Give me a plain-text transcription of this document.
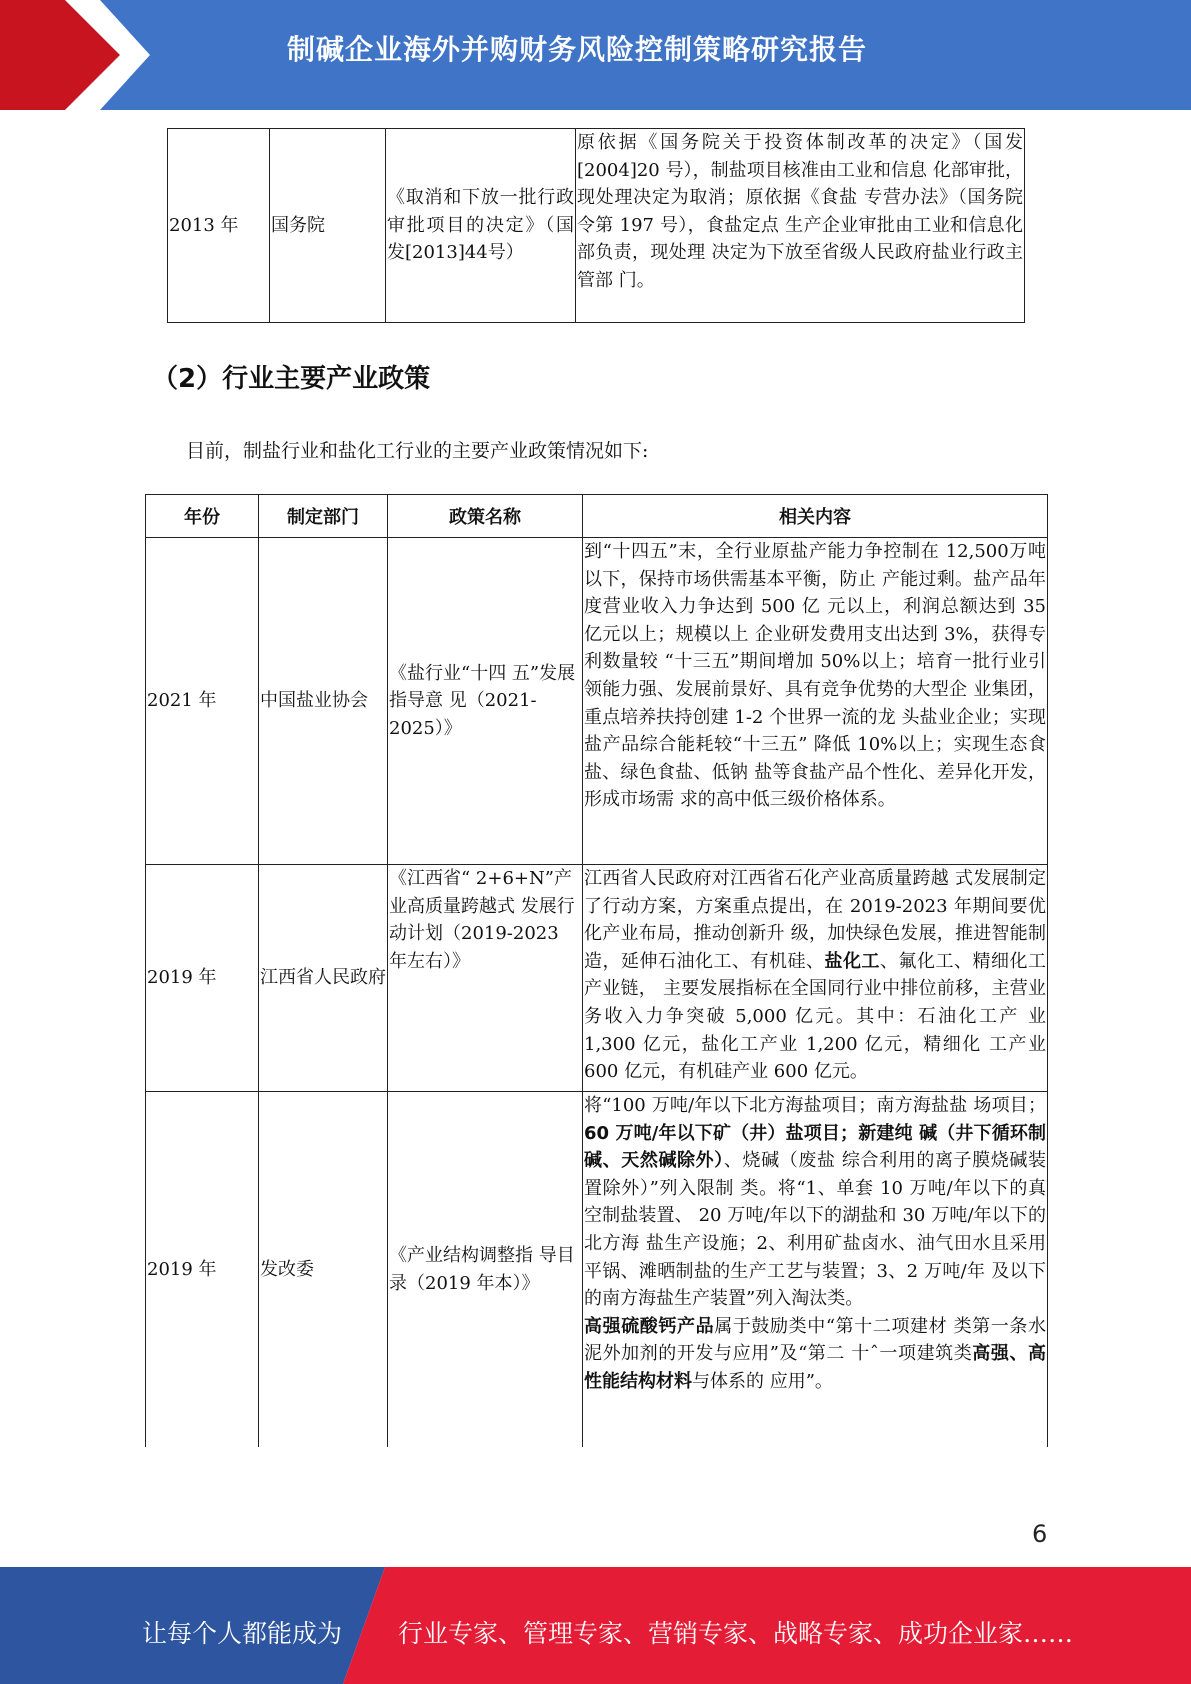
制碱企业海外并购财务风险控制策略研究报告
2013 年	国务院	《取消和下放一批行政审批项目的决定》（国发[2013]44号）	原依据《国务院关于投资体制改革的决定》（国发[2004]20 号），制盐项目核准由工业和信息 化部审批，现处理决定为取消；原依据《食盐 专营办法》（国务院令第 197 号），食盐定点 生产企业审批由工业和信息化部负责，现处理 决定为下放至省级人民政府盐业行政主管部 门。
（2）行业主要产业政策
目前，制盐行业和盐化工行业的主要产业政策情况如下:
年份	制定部门	政策名称	相关内容
2021 年	中国盐业协会	《盐行业“十四 五”发展指导意 见（2021-2025）》	到“十四五”末，全行业原盐产能力争控制在 12,500万吨以下，保持市场供需基本平衡，防止 产能过剩。盐产品年度营业收入力争达到 500 亿 元以上，利润总额达到 35 亿元以上；规模以上 企业研发费用支出达到 3%，获得专利数量较 “十三五”期间增加 50%以上；培育一批行业引 领能力强、发展前景好、具有竞争优势的大型企 业集团，重点培养扶持创建 1-2 个世界一流的龙 头盐业企业；实现盐产品综合能耗较“十三五” 降低 10%以上；实现生态食盐、绿色食盐、低钠 盐等食盐产品个性化、差异化开发，形成市场需 求的高中低三级价格体系。
2019 年	江西省人民政府	《江西省“ 2+6+N”产业高质量跨越式 发展行动计划（2019-2023 年左右）》	江西省人民政府对江西省石化产业高质量跨越 式发展制定了行动方案，方案重点提出，在 2019-2023 年期间要优化产业布局，推动创新升 级，加快绿色发展，推进智能制造，延伸石油化工、有机硅、盐化工、氟化工、精细化工产业链， 主要发展指标在全国同行业中排位前移，主营业 务收入力争突破 5,000 亿元。其中：石油化工产 业 1,300 亿元，盐化工产业 1,200 亿元，精细化 工产业 600 亿元，有机硅产业 600 亿元。
2019 年	发改委	《产业结构调整指 导目录（2019 年本）》	将“100 万吨/年以下北方海盐项目；南方海盐盐 场项目；60 万吨/年以下矿（井）盐项目；新建纯 碱（井下循环制碱、天然碱除外）、烧碱（废盐 综合利用的离子膜烧碱装置除外）”列入限制 类。将“1、单套 10 万吨/年以下的真空制盐装置、 20 万吨/年以下的湖盐和 30 万吨/年以下的北方海 盐生产设施；2、利用矿盐卤水、油气田水且采用 平锅、滩晒制盐的生产工艺与装置；3、2 万吨/年 及以下的南方海盐生产装置”列入淘汰类。
高强硫酸钙产品属于鼓励类中“第十二项建材 类第一条水泥外加剂的开发与应用”及“第二 十ˆ一项建筑类高强、高性能结构材料与体系的 应用”。
6
让每个人都能成为 行业专家、管理专家、营销专家、战略专家、成功企业家……
